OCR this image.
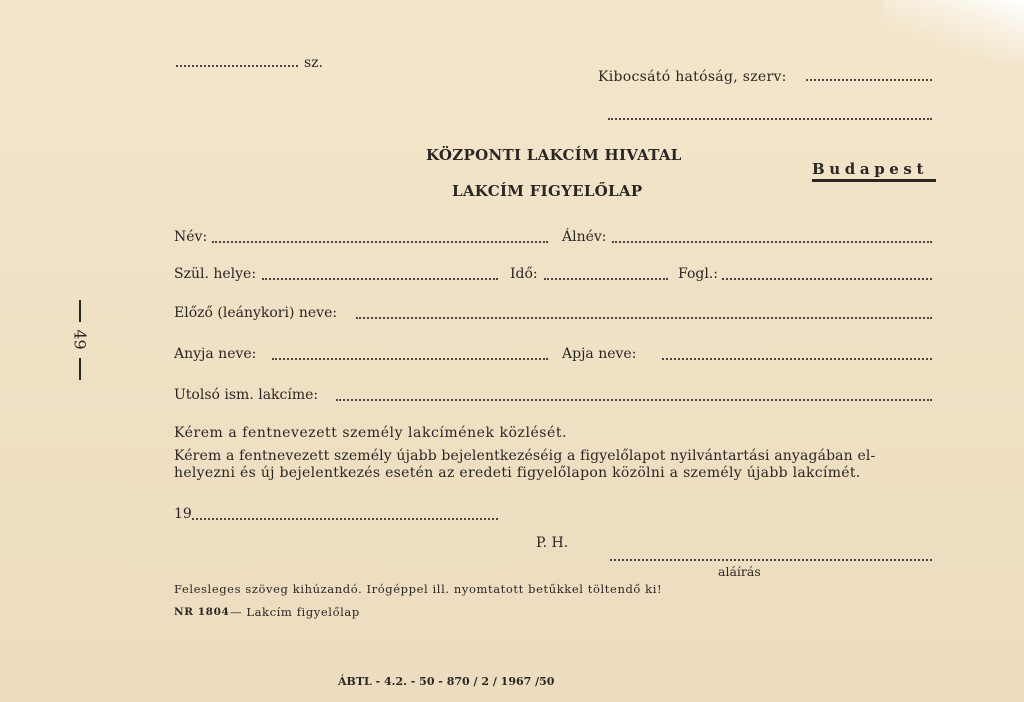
sz.
Kibocsátó hatóság, szerv:
KÖZPONTI LAKCÍM HIVATAL
LAKCÍM FIGYELŐLAP
Budapest
49
Név:	Álnév:
Szül. helye:	Idő:	Fogl.:
Előző (leánykori) neve:
Anyja neve:	Apja neve:
Utolsó ism. lakcíme:
Kérem a fentnevezett személy lakcímének közlését.
Kérem a fentnevezett személy újabb bejelentkezéséig a figyelőlapot nyilvántartási anyagában el-
helyezni és új bejelentkezés esetén az eredeti figyelőlapon közölni a személy újabb lakcímét.
19
P. H.
aláírás
Felesleges szöveg kihúzandó. Irógéppel ill. nyomtatott betűkkel töltendő ki!
NR 1804 — Lakcím figyelőlap
ÁBTL - 4.2. - 50 - 870 / 2 / 1967 /50
